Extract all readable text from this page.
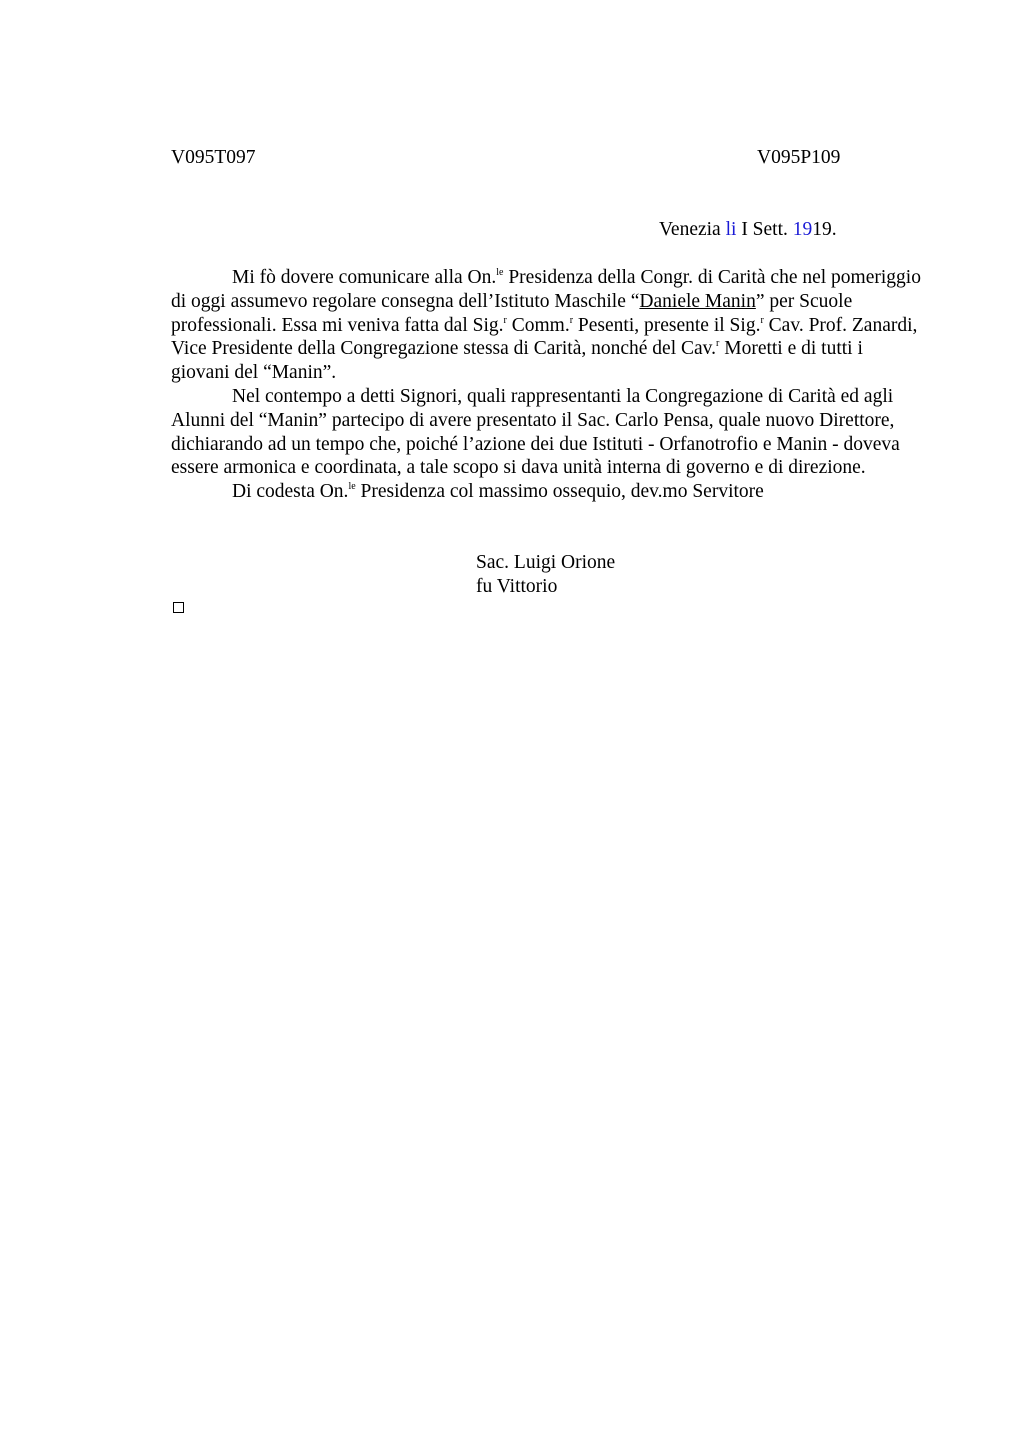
V095T097	V095P109
Venezia li I Sett. 1919.

Mi fò dovere comunicare alla On.$^{le}$ Presidenza della Congr. di Carità che nel pomeriggio di oggi assumevo regolare consegna dell’Istituto Maschile “Daniele Manin” per Scuole professionali. Essa mi veniva fatta dal Sig.$^r$ Comm.$^r$ Pesenti, presente il Sig.$^r$ Cav. Prof. Zanardi, Vice Presidente della Congregazione stessa di Carità, nonché del Cav.$^r$ Moretti e di tutti i giovani del “Manin”.

Nel contempo a detti Signori, quali rappresentanti la Congregazione di Carità ed agli Alunni del “Manin” partecipo di avere presentato il Sac. Carlo Pensa, quale nuovo Direttore, dichiarando ad un tempo che, poiché l’azione dei due Istituti - Orfanotrofio e Manin - doveva essere armonica e coordinata, a tale scopo si dava unità interna di governo e di direzione.

Di codesta On.$^{le}$ Presidenza col massimo ossequio, dev.mo Servitore

Sac. Luigi Orione
fu Vittorio
